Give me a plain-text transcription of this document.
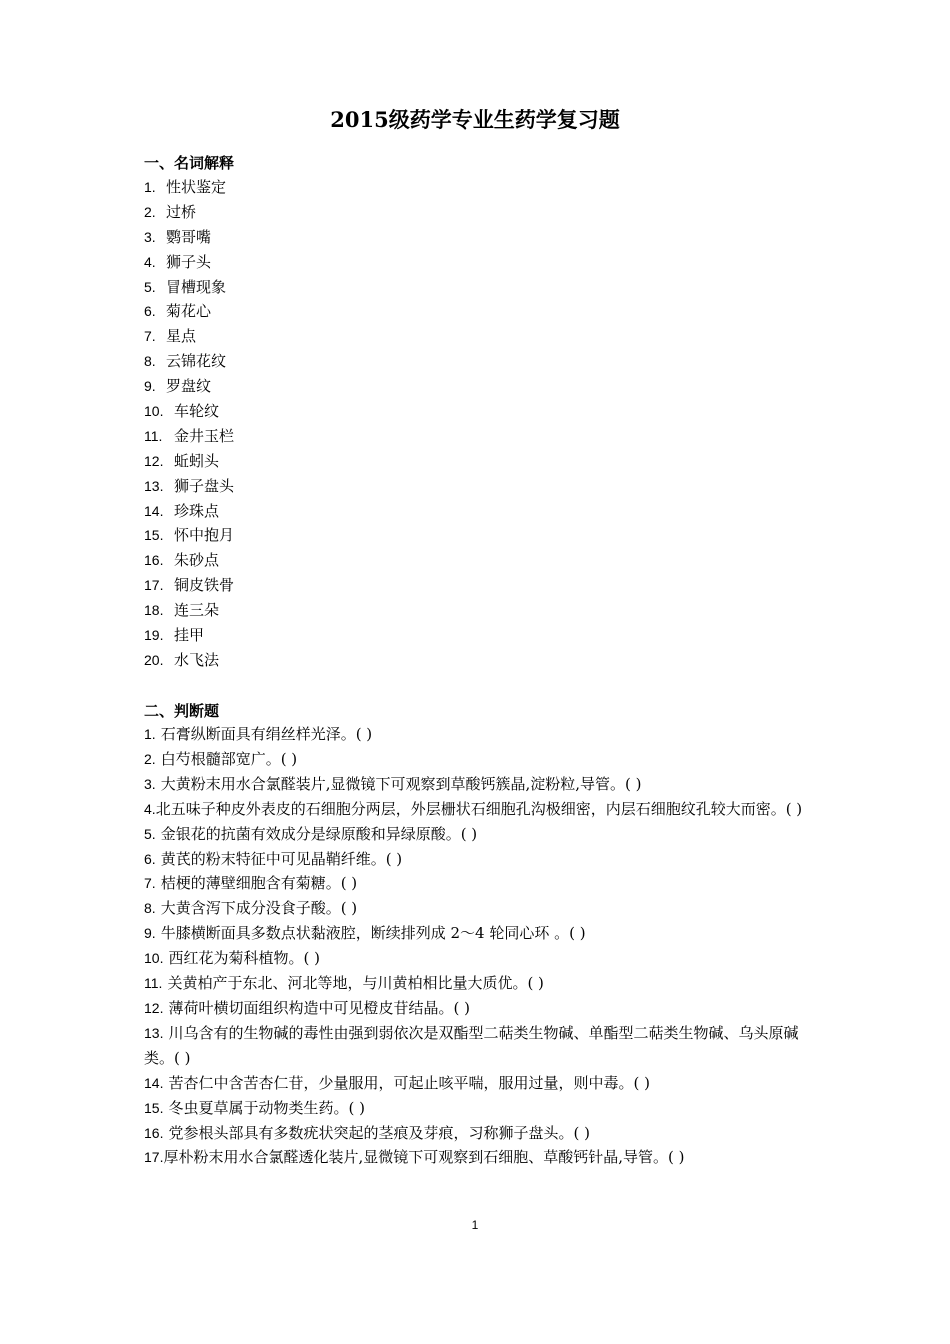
2015级药学专业生药学复习题
一、名词解释
1. 性状鉴定
2. 过桥
3. 鹦哥嘴
4. 狮子头
5. 冒槽现象
6. 菊花心
7. 星点
8. 云锦花纹
9. 罗盘纹
10. 车轮纹
11. 金井玉栏
12. 蚯蚓头
13. 狮子盘头
14. 珍珠点
15. 怀中抱月
16. 朱砂点
17. 铜皮铁骨
18. 连三朵
19. 挂甲
20. 水飞法
二、判断题
1. 石膏纵断面具有绢丝样光泽。( )
2. 白芍根髓部宽广。( )
3. 大黄粉末用水合氯醛装片,显微镜下可观察到草酸钙簇晶,淀粉粒,导管。( )
4.北五味子种皮外表皮的石细胞分两层，外层栅状石细胞孔沟极细密，内层石细胞纹孔较大而密。( )
5. 金银花的抗菌有效成分是绿原酸和异绿原酸。( )
6. 黄芪的粉末特征中可见晶鞘纤维。( )
7. 桔梗的薄壁细胞含有菊糖。( )
8. 大黄含泻下成分没食子酸。( )
9. 牛膝横断面具多数点状黏液腔，断续排列成 2～4 轮同心环 。( )
10. 西红花为菊科植物。( )
11. 关黄柏产于东北、河北等地，与川黄柏相比量大质优。( )
12. 薄荷叶横切面组织构造中可见橙皮苷结晶。( )
13. 川乌含有的生物碱的毒性由强到弱依次是双酯型二萜类生物碱、单酯型二萜类生物碱、乌头原碱类。( )
14. 苦杏仁中含苦杏仁苷，少量服用，可起止咳平喘，服用过量，则中毒。( )
15. 冬虫夏草属于动物类生药。( )
16. 党参根头部具有多数疣状突起的茎痕及芽痕，习称狮子盘头。( )
17.厚朴粉末用水合氯醛透化装片,显微镜下可观察到石细胞、草酸钙针晶,导管。( )
1
